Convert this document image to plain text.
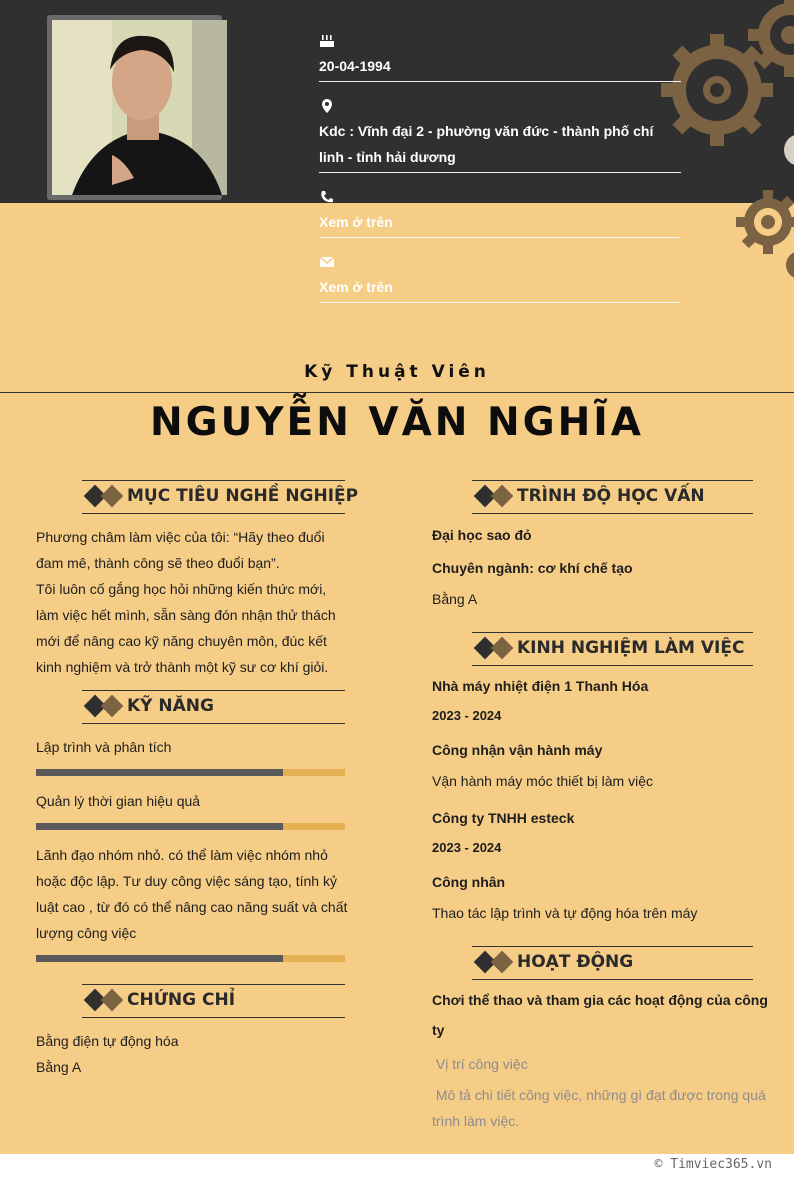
20-04-1994
Kdc : Vĩnh đại 2 - phường văn đức - thành phố chí linh - tỉnh hải dương
Xem ở trên
Xem ở trên
Kỹ Thuật Viên
NGUYỄN VĂN NGHĨA
MỤC TIÊU NGHỀ NGHIỆP
Phương châm làm việc của tôi: “Hãy theo đuổi đam mê, thành công sẽ theo đuổi bạn”.
Tôi luôn cố gắng học hỏi những kiến thức mới, làm việc hết mình, sẵn sàng đón nhận thử thách mới để nâng cao kỹ năng chuyên môn, đúc kết kinh nghiệm và trở thành một kỹ sư cơ khí giỏi.
KỸ NĂNG
Lập trình và phân tích
Quản lý thời gian hiệu quả
Lãnh đạo nhóm nhỏ. có thể làm việc nhóm nhỏ hoặc độc lập. Tư duy công việc sáng tạo, tính kỷ luật cao , từ đó có thể nâng cao năng suất và chất lượng công việc
CHỨNG CHỈ
Bằng điện tự động hóa
Bằng A
TRÌNH ĐỘ HỌC VẤN
Đại học sao đỏ
Chuyên ngành: cơ khí chế tạo
Bằng A
KINH NGHIỆM LÀM VIỆC
Nhà máy nhiệt điện 1 Thanh Hóa
2023 - 2024
Công nhận vận hành máy
Vận hành máy móc thiết bị làm việc
Công ty TNHH esteck
2023 - 2024
Công nhân
Thao tác lập trình và tự động hóa trên máy
HOẠT ĐỘNG
Chơi thể thao và tham gia các hoạt động của công ty
Vị trí công việc
Mô tả chi tiết công việc, những gì đạt được trong quá trình làm việc.
© Timviec365.vn
